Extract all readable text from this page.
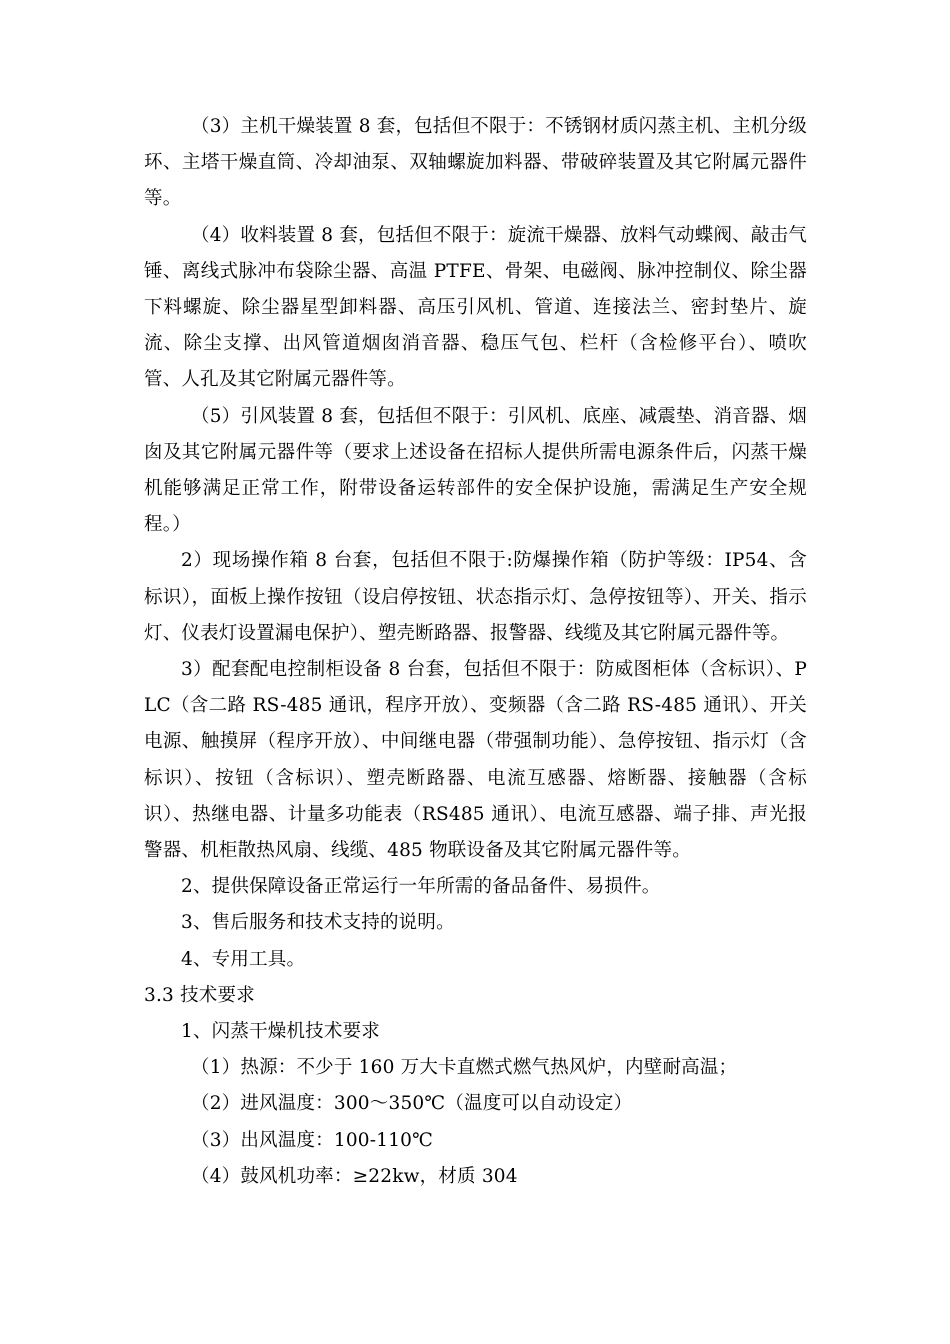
（3）主机干燥装置 8 套，包括但不限于：不锈钢材质闪蒸主机、主机分级环、主塔干燥直筒、冷却油泵、双轴螺旋加料器、带破碎装置及其它附属元器件等。

（4）收料装置 8 套，包括但不限于：旋流干燥器、放料气动蝶阀、敲击气锤、离线式脉冲布袋除尘器、高温 PTFE、骨架、电磁阀、脉冲控制仪、除尘器下料螺旋、除尘器星型卸料器、高压引风机、管道、连接法兰、密封垫片、旋流、除尘支撑、出风管道烟囱消音器、稳压气包、栏杆（含检修平台）、喷吹管、人孔及其它附属元器件等。

（5）引风装置 8 套，包括但不限于：引风机、底座、减震垫、消音器、烟囱及其它附属元器件等（要求上述设备在招标人提供所需电源条件后，闪蒸干燥机能够满足正常工作，附带设备运转部件的安全保护设施，需满足生产安全规程。）

2）现场操作箱 8 台套，包括但不限于:防爆操作箱（防护等级：IP54、含标识），面板上操作按钮（设启停按钮、状态指示灯、急停按钮等）、开关、指示灯、仪表灯设置漏电保护）、塑壳断路器、报警器、线缆及其它附属元器件等。

3）配套配电控制柜设备 8 台套，包括但不限于：防威图柜体（含标识）、PLC（含二路 RS-485 通讯，程序开放）、变频器（含二路 RS-485 通讯）、开关电源、触摸屏（程序开放）、中间继电器（带强制功能）、急停按钮、指示灯（含标识）、按钮（含标识）、塑壳断路器、电流互感器、熔断器、接触器（含标识）、热继电器、计量多功能表（RS485 通讯）、电流互感器、端子排、声光报警器、机柜散热风扇、线缆、485 物联设备及其它附属元器件等。

2、提供保障设备正常运行一年所需的备品备件、易损件。

3、售后服务和技术支持的说明。

4、专用工具。

3.3 技术要求

1、闪蒸干燥机技术要求

（1）热源：不少于 160 万大卡直燃式燃气热风炉，内壁耐高温；

（2）进风温度：300～350℃（温度可以自动设定）

（3）出风温度：100-110℃

（4）鼓风机功率：≥22kw，材质 304
